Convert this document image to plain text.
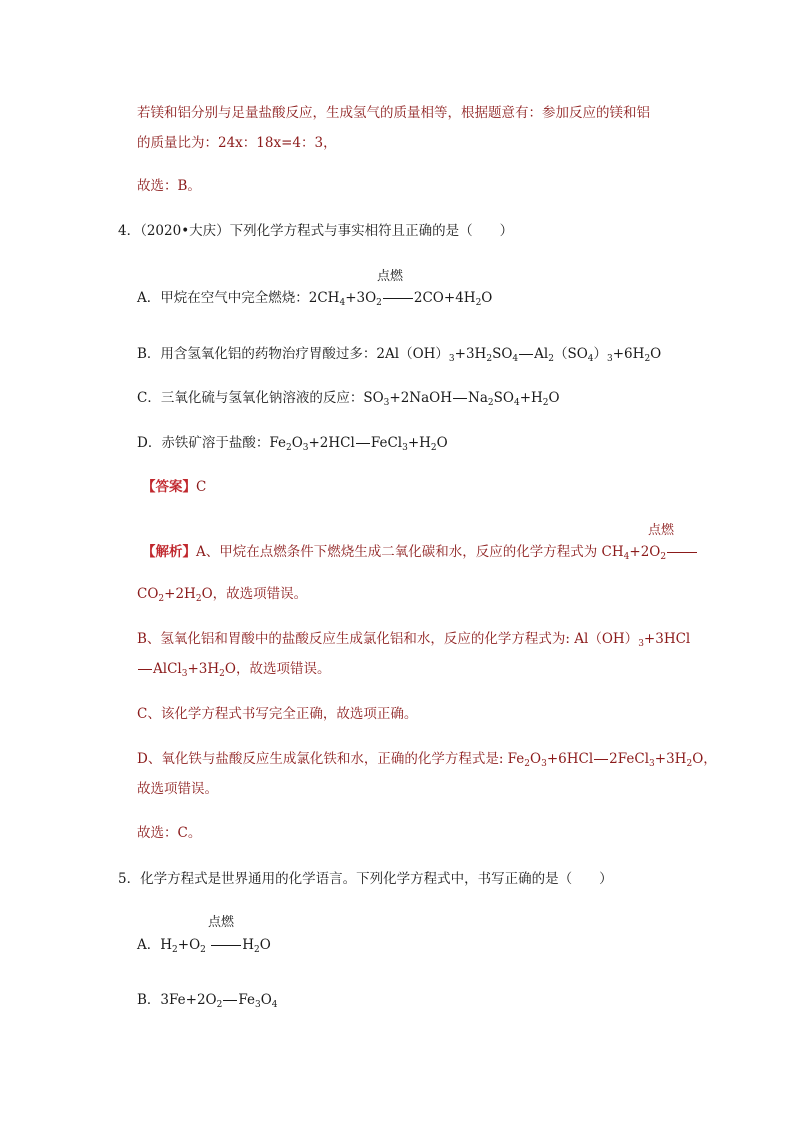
若镁和铝分别与足量盐酸反应，生成氢气的质量相等，根据题意有：参加反应的镁和铝
的质量比为：24x：18x=4：3，
故选：B。
4．（2020•大庆）下列化学方程式与事实相符且正确的是（　　）
点燃
A．甲烷在空气中完全燃烧：$2CH_4+3O_2$ $2CO+4H_2O$
B．用含氢氧化铝的药物治疗胃酸过多：$2Al(OH)_3+3H_2SO_4$ $Al_2(SO_4)_3+6H_2O$
C．三氧化硫与氢氧化钠溶液的反应：$SO_3+2NaOH$ $Na_2SO_4+H_2O$
D．赤铁矿溶于盐酸：$Fe_2O_3+2HCl$ $FeCl_3+H_2O$
【答案】C
点燃
【解析】A、甲烷在点燃条件下燃烧生成二氧化碳和水，反应的化学方程式为 $CH_4+2O_2$
$CO_2+2H_2O$，故选项错误。
B、氢氧化铝和胃酸中的盐酸反应生成氯化铝和水，反应的化学方程式为: $Al(OH)_3+3HCl$
$AlCl_3+3H_2O$，故选项错误。
C、该化学方程式书写完全正确，故选项正确。
D、氧化铁与盐酸反应生成氯化铁和水，正确的化学方程式是: $Fe_2O_3+6HCl$ $2FeCl_3+3H_2O$，
故选项错误。
故选：C。
5．化学方程式是世界通用的化学语言。下列化学方程式中，书写正确的是（　　）
点燃
A．$H_2+O_2$	$H_2O$
B．$3Fe+2O_2$ $Fe_3O_4$
